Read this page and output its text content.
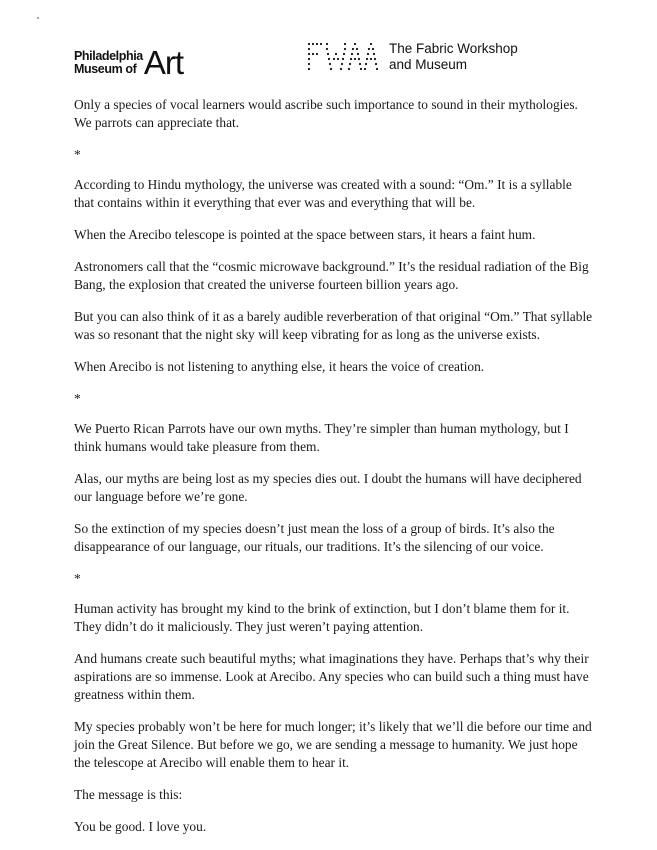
Philadelphia
Museum of Art	The Fabric Workshop
and Museum

Only a species of vocal learners would ascribe such importance to sound in their mythologies. We parrots can appreciate that.

*

According to Hindu mythology, the universe was created with a sound: “Om.” It is a syllable that contains within it everything that ever was and everything that will be.

When the Arecibo telescope is pointed at the space between stars, it hears a faint hum.

Astronomers call that the “cosmic microwave background.” It’s the residual radiation of the Big Bang, the explosion that created the universe fourteen billion years ago.

But you can also think of it as a barely audible reverberation of that original “Om.” That syllable was so resonant that the night sky will keep vibrating for as long as the universe exists.

When Arecibo is not listening to anything else, it hears the voice of creation.

*

We Puerto Rican Parrots have our own myths. They’re simpler than human mythology, but I think humans would take pleasure from them.

Alas, our myths are being lost as my species dies out. I doubt the humans will have deciphered our language before we’re gone.

So the extinction of my species doesn’t just mean the loss of a group of birds. It’s also the disappearance of our language, our rituals, our traditions. It’s the silencing of our voice.

*

Human activity has brought my kind to the brink of extinction, but I don’t blame them for it. They didn’t do it maliciously. They just weren’t paying attention.

And humans create such beautiful myths; what imaginations they have. Perhaps that’s why their aspirations are so immense. Look at Arecibo. Any species who can build such a thing must have greatness within them.

My species probably won’t be here for much longer; it’s likely that we’ll die before our time and join the Great Silence. But before we go, we are sending a message to humanity. We just hope the telescope at Arecibo will enable them to hear it.

The message is this:

You be good. I love you.
